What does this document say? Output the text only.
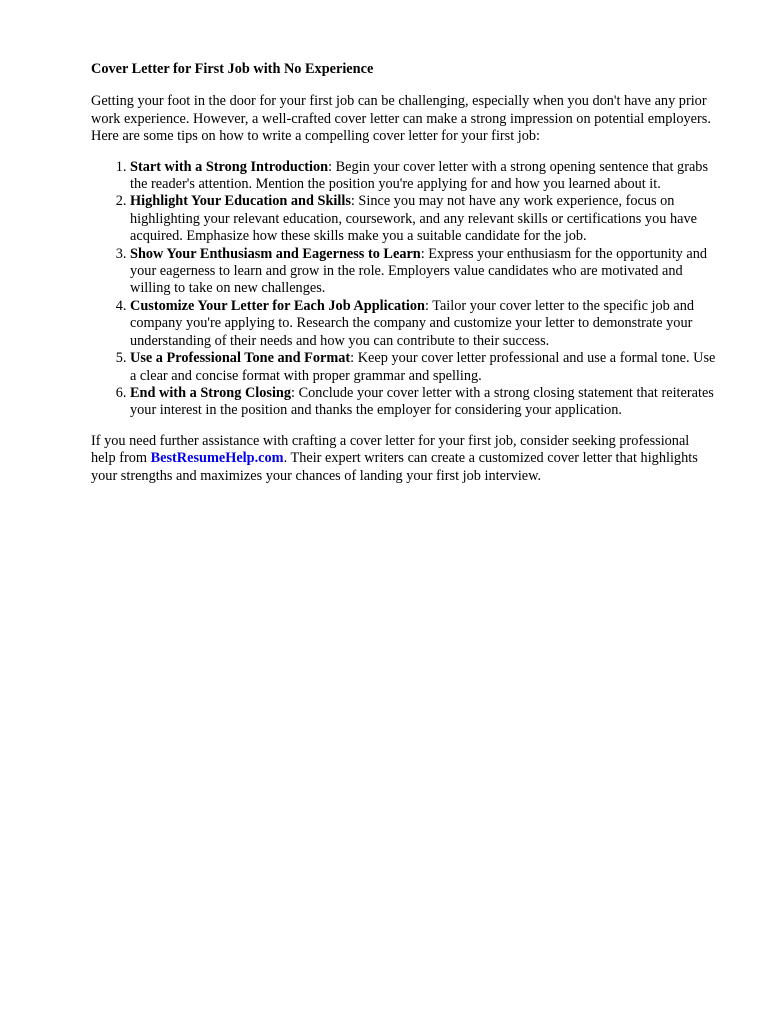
Cover Letter for First Job with No Experience

Getting your foot in the door for your first job can be challenging, especially when you don't have any prior work experience. However, a well-crafted cover letter can make a strong impression on potential employers. Here are some tips on how to write a compelling cover letter for your first job:

1. Start with a Strong Introduction: Begin your cover letter with a strong opening sentence that grabs the reader's attention. Mention the position you're applying for and how you learned about it.
2. Highlight Your Education and Skills: Since you may not have any work experience, focus on highlighting your relevant education, coursework, and any relevant skills or certifications you have acquired. Emphasize how these skills make you a suitable candidate for the job.
3. Show Your Enthusiasm and Eagerness to Learn: Express your enthusiasm for the opportunity and your eagerness to learn and grow in the role. Employers value candidates who are motivated and willing to take on new challenges.
4. Customize Your Letter for Each Job Application: Tailor your cover letter to the specific job and company you're applying to. Research the company and customize your letter to demonstrate your understanding of their needs and how you can contribute to their success.
5. Use a Professional Tone and Format: Keep your cover letter professional and use a formal tone. Use a clear and concise format with proper grammar and spelling.
6. End with a Strong Closing: Conclude your cover letter with a strong closing statement that reiterates your interest in the position and thanks the employer for considering your application.

If you need further assistance with crafting a cover letter for your first job, consider seeking professional help from BestResumeHelp.com. Their expert writers can create a customized cover letter that highlights your strengths and maximizes your chances of landing your first job interview.
